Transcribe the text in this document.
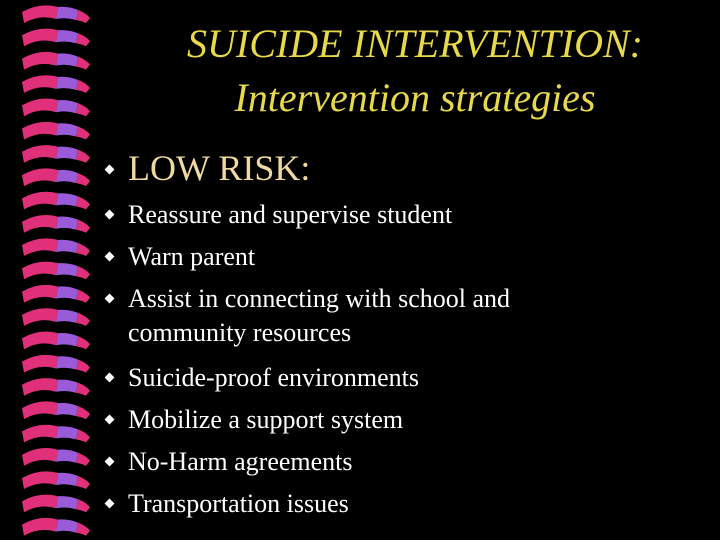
SUICIDE INTERVENTION:
Intervention strategies
LOW RISK:
Reassure and supervise student
Warn parent
Assist in connecting with school and
community resources
Suicide-proof environments
Mobilize a support system
No-Harm agreements
Transportation issues
